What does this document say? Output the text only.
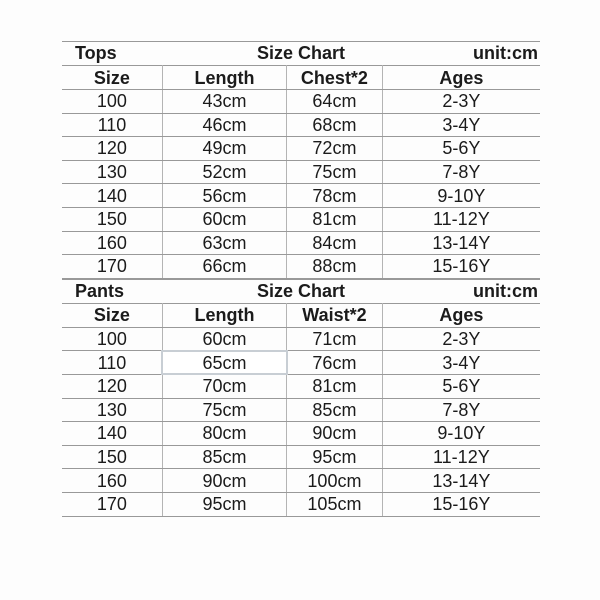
Tops	Size Chart	unit:cm
Size	Length	Chest*2	Ages
100	43cm	64cm	2-3Y
110	46cm	68cm	3-4Y
120	49cm	72cm	5-6Y
130	52cm	75cm	7-8Y
140	56cm	78cm	9-10Y
150	60cm	81cm	11-12Y
160	63cm	84cm	13-14Y
170	66cm	88cm	15-16Y
Pants	Size Chart	unit:cm
Size	Length	Waist*2	Ages
100	60cm	71cm	2-3Y
110	65cm	76cm	3-4Y
120	70cm	81cm	5-6Y
130	75cm	85cm	7-8Y
140	80cm	90cm	9-10Y
150	85cm	95cm	11-12Y
160	90cm	100cm	13-14Y
170	95cm	105cm	15-16Y
